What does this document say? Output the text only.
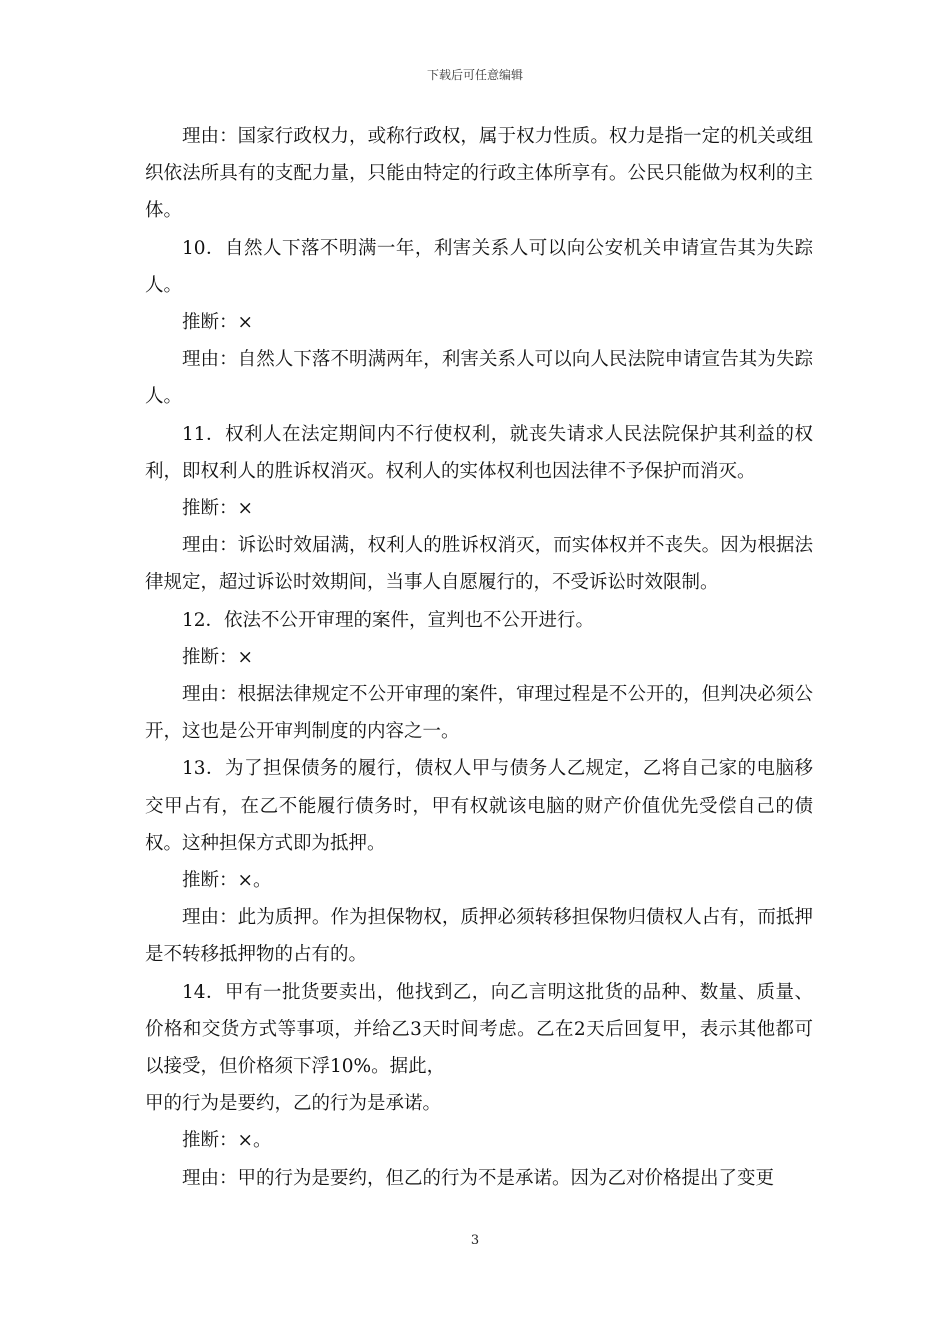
下载后可任意编辑

理由：国家行政权力，或称行政权，属于权力性质。权力是指一定的机关或组织依法所具有的支配力量，只能由特定的行政主体所享有。公民只能做为权利的主体。

10．自然人下落不明满一年，利害关系人可以向公安机关申请宣告其为失踪人。

推断：×

理由：自然人下落不明满两年，利害关系人可以向人民法院申请宣告其为失踪人。

11．权利人在法定期间内不行使权利，就丧失请求人民法院保护其利益的权利，即权利人的胜诉权消灭。权利人的实体权利也因法律不予保护而消灭。

推断：×

理由：诉讼时效届满，权利人的胜诉权消灭，而实体权并不丧失。因为根据法律规定，超过诉讼时效期间，当事人自愿履行的，不受诉讼时效限制。

12．依法不公开审理的案件，宣判也不公开进行。

推断：×

理由：根据法律规定不公开审理的案件，审理过程是不公开的，但判决必须公开，这也是公开审判制度的内容之一。

13．为了担保债务的履行，债权人甲与债务人乙规定，乙将自己家的电脑移交甲占有，在乙不能履行债务时，甲有权就该电脑的财产价值优先受偿自己的债权。这种担保方式即为抵押。

推断：×。

理由：此为质押。作为担保物权，质押必须转移担保物归债权人占有，而抵押是不转移抵押物的占有的。

14．甲有一批货要卖出，他找到乙，向乙言明这批货的品种、数量、质量、价格和交货方式等事项，并给乙3天时间考虑。乙在2天后回复甲，表示其他都可以接受，但价格须下浮10%。据此，

甲的行为是要约，乙的行为是承诺。

推断：×。

理由：甲的行为是要约，但乙的行为不是承诺。因为乙对价格提出了变更

3
